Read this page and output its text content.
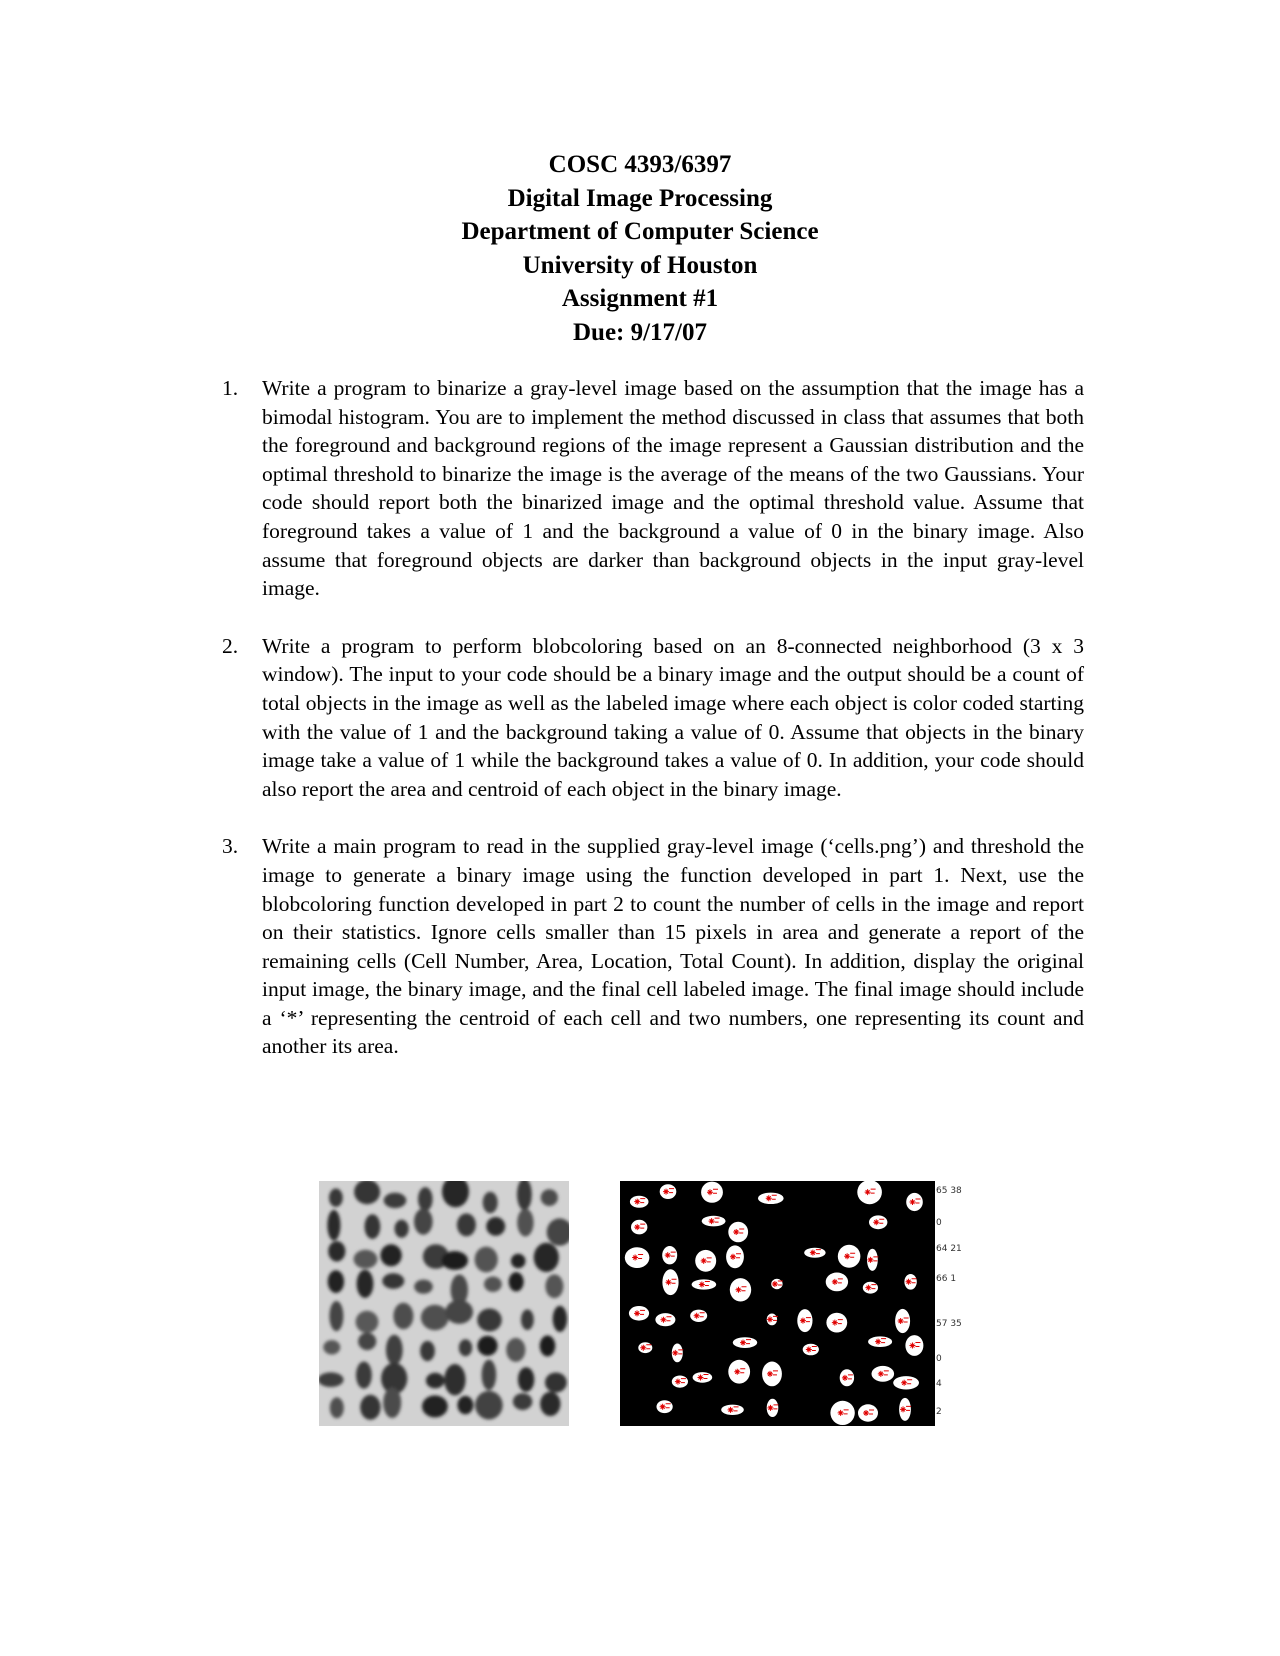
COSC 4393/6397
Digital Image Processing
Department of Computer Science
University of Houston
Assignment #1
Due: 9/17/07
1. Write a program to binarize a gray-level image based on the assumption that the image has a bimodal histogram. You are to implement the method discussed in class that assumes that both the foreground and background regions of the image represent a Gaussian distribution and the optimal threshold to binarize the image is the average of the means of the two Gaussians. Your code should report both the binarized image and the optimal threshold value. Assume that foreground takes a value of 1 and the background a value of 0 in the binary image. Also assume that foreground objects are darker than background objects in the input gray-level image.
2. Write a program to perform blobcoloring based on an 8-connected neighborhood (3 x 3 window). The input to your code should be a binary image and the output should be a count of total objects in the image as well as the labeled image where each object is color coded starting with the value of 1 and the background taking a value of 0. Assume that objects in the binary image take a value of 1 while the background takes a value of 0. In addition, your code should also report the area and centroid of each object in the binary image.
3. Write a main program to read in the supplied gray-level image (‘cells.png’) and threshold the image to generate a binary image using the function developed in part 1. Next, use the blobcoloring function developed in part 2 to count the number of cells in the image and report on their statistics. Ignore cells smaller than 15 pixels in area and generate a report of the remaining cells (Cell Number, Area, Location, Total Count). In addition, display the original input image, the binary image, and the final cell labeled image. The final image should include a ‘*’ representing the centroid of each cell and two numbers, one representing its count and another its area.
65 38
0
64 21
66 1
57 35
0
4
2
